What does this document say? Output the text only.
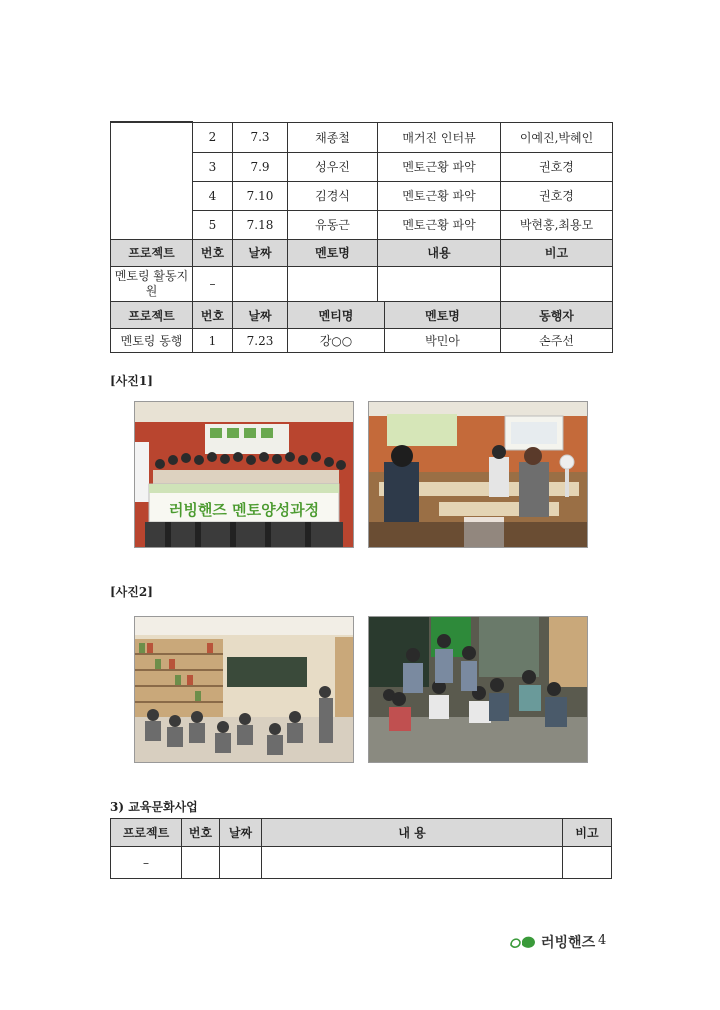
	2	7.3	채종철	매거진 인터뷰	이예진,박혜인
	3	7.9	성우진	멘토근황 파악	권호경
	4	7.10	김경식	멘토근황 파악	권호경
	5	7.18	유동근	멘토근황 파악	박현홍,최용모
프로젝트	번호	날짜	멘토명	내용	비고
멘토링 활동지원	–				
프로젝트	번호	날짜	멘티명	멘토명	동행자
멘토링 동행	1	7.23	강○○	박민아	손주선
[사진1]
러빙핸즈 멘토양성과정
[사진2]
3) 교육문화사업
프로젝트	번호	날짜	내 용	비고
–				
러빙핸즈 4
